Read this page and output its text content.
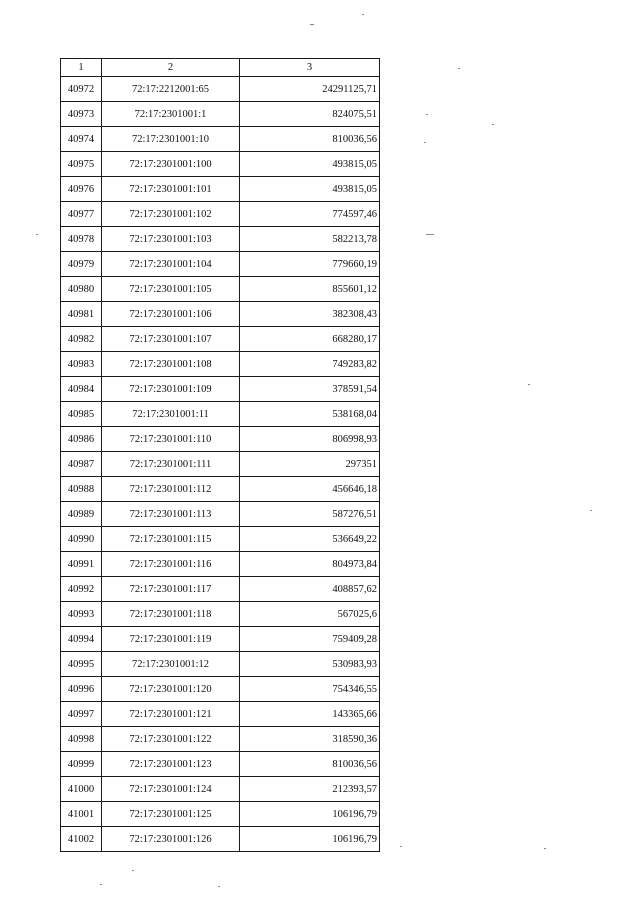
1	2	3
40972	72:17:2212001:65	24291125,71
40973	72:17:2301001:1	824075,51
40974	72:17:2301001:10	810036,56
40975	72:17:2301001:100	493815,05
40976	72:17:2301001:101	493815,05
40977	72:17:2301001:102	774597,46
40978	72:17:2301001:103	582213,78
40979	72:17:2301001:104	779660,19
40980	72:17:2301001:105	855601,12
40981	72:17:2301001:106	382308,43
40982	72:17:2301001:107	668280,17
40983	72:17:2301001:108	749283,82
40984	72:17:2301001:109	378591,54
40985	72:17:2301001:11	538168,04
40986	72:17:2301001:110	806998,93
40987	72:17:2301001:111	297351
40988	72:17:2301001:112	456646,18
40989	72:17:2301001:113	587276,51
40990	72:17:2301001:115	536649,22
40991	72:17:2301001:116	804973,84
40992	72:17:2301001:117	408857,62
40993	72:17:2301001:118	567025,6
40994	72:17:2301001:119	759409,28
40995	72:17:2301001:12	530983,93
40996	72:17:2301001:120	754346,55
40997	72:17:2301001:121	143365,66
40998	72:17:2301001:122	318590,36
40999	72:17:2301001:123	810036,56
41000	72:17:2301001:124	212393,57
41001	72:17:2301001:125	106196,79
41002	72:17:2301001:126	106196,79
